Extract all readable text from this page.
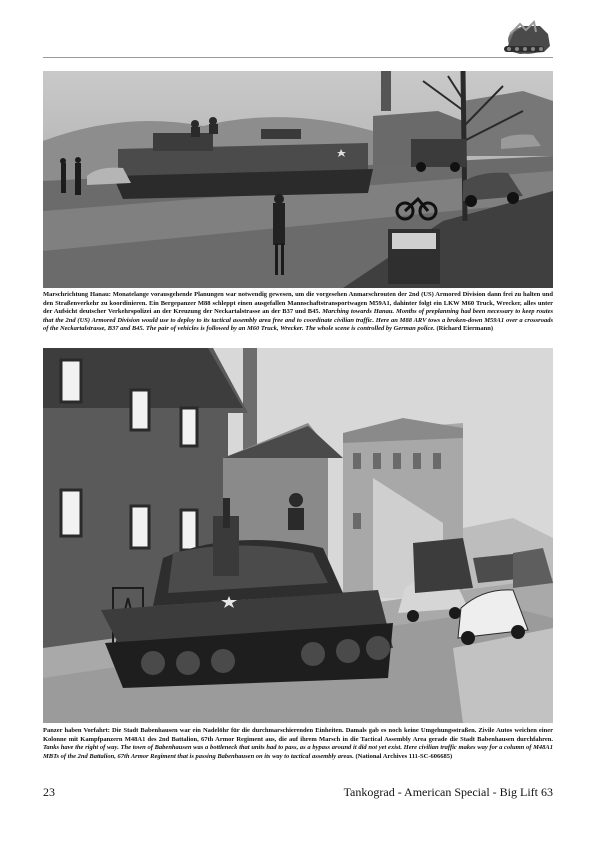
Marschrichtung Hanau: Monatelange vorausgehende Planungen war notwendig gewesen, um die vorgesehen Anmarschrouten der 2nd (US) Armored Division dann frei zu halten und den Straßenverkehr zu koordinieren. Ein Bergepanzer M88 schleppt einen ausgefallen Mannschaftstransportwagen M59A1, dahinter folgt ein LKW M60 Truck, Wrecker, alles unter der Aufsicht deutscher Verkehrspolizei an der Kreuzung der Neckartalstrasse an der B37 und B45. Marching towards Hanau. Months of preplanning had been necessary to keep routes that the 2nd (US) Armored Division would use to deploy to its tactical assembly area free and to coordinate civilian traffic. Here an M88 ARV tows a broken-down M59A1 over a crossroads of the Neckartalstrasse, B37 and B45. The pair of vehicles is followed by an M60 Truck, Wrecker. The whole scene is controlled by German police. (Richard Eiermann)

Panzer haben Vorfahrt: Die Stadt Babenhausen war ein Nadelöhr für die durchmarschierenden Einheiten. Damals gab es noch keine Umgehungsstraßen. Zivile Autos weichen einer Kolonne mit Kampfpanzern M48A1 des 2nd Battalion, 67th Armor Regiment aus, die auf ihrem Marsch in die Tactical Assembly Area gerade die Stadt Babenhausen durchfahren. Tanks have the right of way. The town of Babenhausen was a bottleneck that units had to pass, as a bypass around it did not yet exist. Here civilian traffic makes way for a column of M48A1 MBTs of the 2nd Battalion, 67th Armor Regiment that is passing Babenhausen on its way to tactical assembly areas. (National Archives 111-SC-606685)

23	Tankograd - American Special - Big Lift 63
